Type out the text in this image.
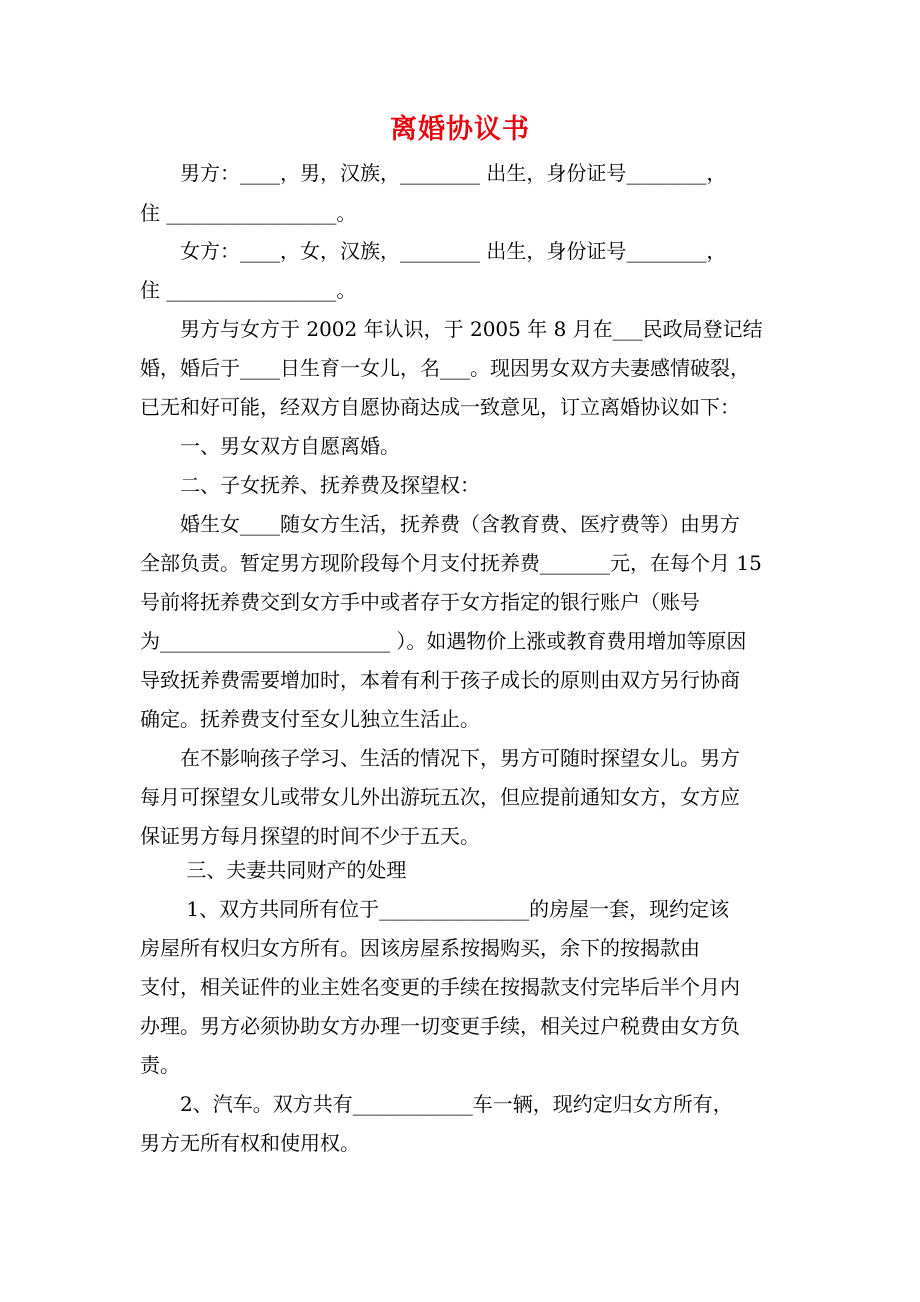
离婚协议书
　　男方：____，男，汉族，________ 出生，身份证号________，
住 _________________。
　　女方：____，女，汉族，________ 出生，身份证号________，
住 _________________。
　　男方与女方于 2002 年认识，于 2005 年 8 月在___民政局登记结
婚，婚后于____日生育一女儿，名___。现因男女双方夫妻感情破裂，
已无和好可能，经双方自愿协商达成一致意见，订立离婚协议如下：
　　一、男女双方自愿离婚。
　　二、子女抚养、抚养费及探望权：
　　婚生女____随女方生活，抚养费（含教育费、医疗费等）由男方
全部负责。暂定男方现阶段每个月支付抚养费_______元，在每个月 15
号前将抚养费交到女方手中或者存于女方指定的银行账户（账号
为_______________________ ）。如遇物价上涨或教育费用增加等原因
导致抚养费需要增加时，本着有利于孩子成长的原则由双方另行协商
确定。抚养费支付至女儿独立生活止。
　　在不影响孩子学习、生活的情况下，男方可随时探望女儿。男方
每月可探望女儿或带女儿外出游玩五次，但应提前通知女方，女方应
保证男方每月探望的时间不少于五天。
　　 三、夫妻共同财产的处理
　　 1、双方共同所有位于_______________的房屋一套，现约定该
房屋所有权归女方所有。因该房屋系按揭购买，余下的按揭款由
支付，相关证件的业主姓名变更的手续在按揭款支付完毕后半个月内
办理。男方必须协助女方办理一切变更手续，相关过户税费由女方负
责。
　　2、汽车。双方共有____________车一辆，现约定归女方所有，
男方无所有权和使用权。
